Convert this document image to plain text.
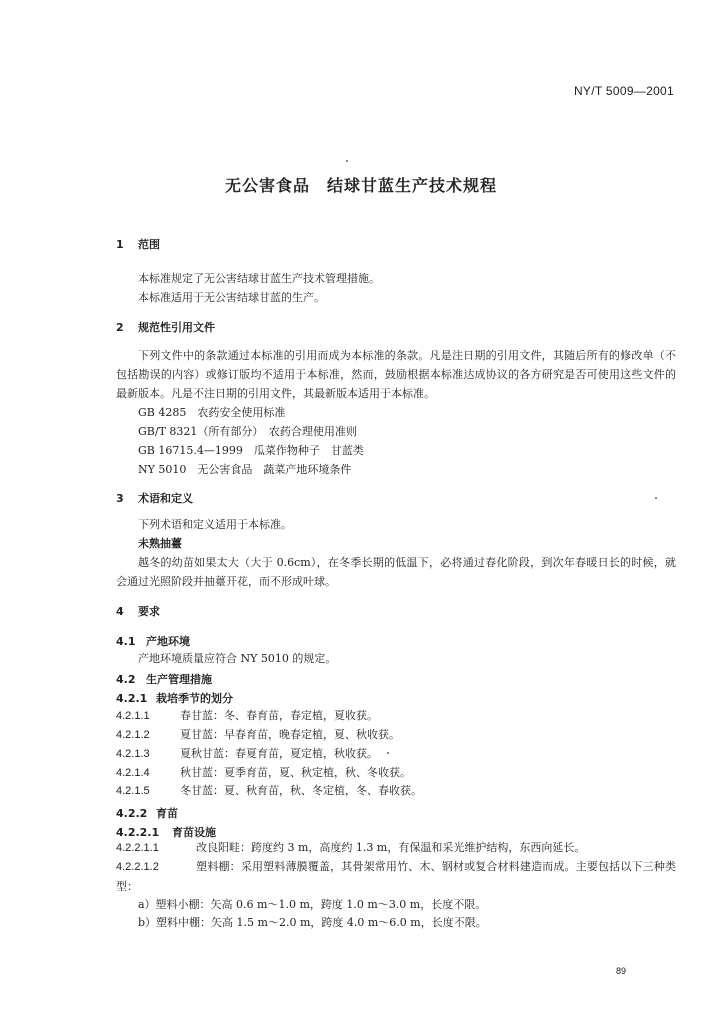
NY/T 5009—2001
无公害食品　结球甘蓝生产技术规程
1 范围
本标准规定了无公害结球甘蓝生产技术管理措施。
本标准适用于无公害结球甘蓝的生产。
2 规范性引用文件
下列文件中的条款通过本标准的引用而成为本标准的条款。凡是注日期的引用文件，其随后所有的修改单（不包括勘误的内容）或修订版均不适用于本标准，然而，鼓励根据本标准达成协议的各方研究是否可使用这些文件的最新版本。凡是不注日期的引用文件，其最新版本适用于本标准。
GB 4285　农药安全使用标准
GB/T 8321（所有部分）　农药合理使用准则
GB 16715.4—1999　瓜菜作物种子　甘蓝类
NY 5010　无公害食品　蔬菜产地环境条件
3 术语和定义
下列术语和定义适用于本标准。
未熟抽薹
越冬的幼苗如果太大（大于 0.6cm），在冬季长期的低温下，必将通过春化阶段，到次年春暖日长的时候，就会通过光照阶段并抽薹开花，而不形成叶球。
4 要求
4.1 产地环境
产地环境质量应符合 NY 5010 的规定。
4.2 生产管理措施
4.2.1 栽培季节的划分
4.2.1.1	春甘蓝：冬、春育苗，春定植，夏收获。
4.2.1.2	夏甘蓝：早春育苗，晚春定植，夏、秋收获。
4.2.1.3	夏秋甘蓝：春夏育苗，夏定植，秋收获。
4.2.1.4	秋甘蓝：夏季育苗，夏、秋定植，秋、冬收获。
4.2.1.5	冬甘蓝：夏、秋育苗，秋、冬定植，冬、春收获。
4.2.2 育苗
4.2.2.1 育苗设施
4.2.2.1.1	改良阳畦：跨度约 3 m，高度约 1.3 m，有保温和采光维护结构，东西向延长。
4.2.2.1.2	塑料棚：采用塑料薄膜覆盖，其骨架常用竹、木、钢材或复合材料建造而成。主要包括以下三种类型：
a）塑料小棚：矢高 0.6 m～1.0 m，跨度 1.0 m～3.0 m，长度不限。
b）塑料中棚：矢高 1.5 m～2.0 m，跨度 4.0 m～6.0 m，长度不限。
89
